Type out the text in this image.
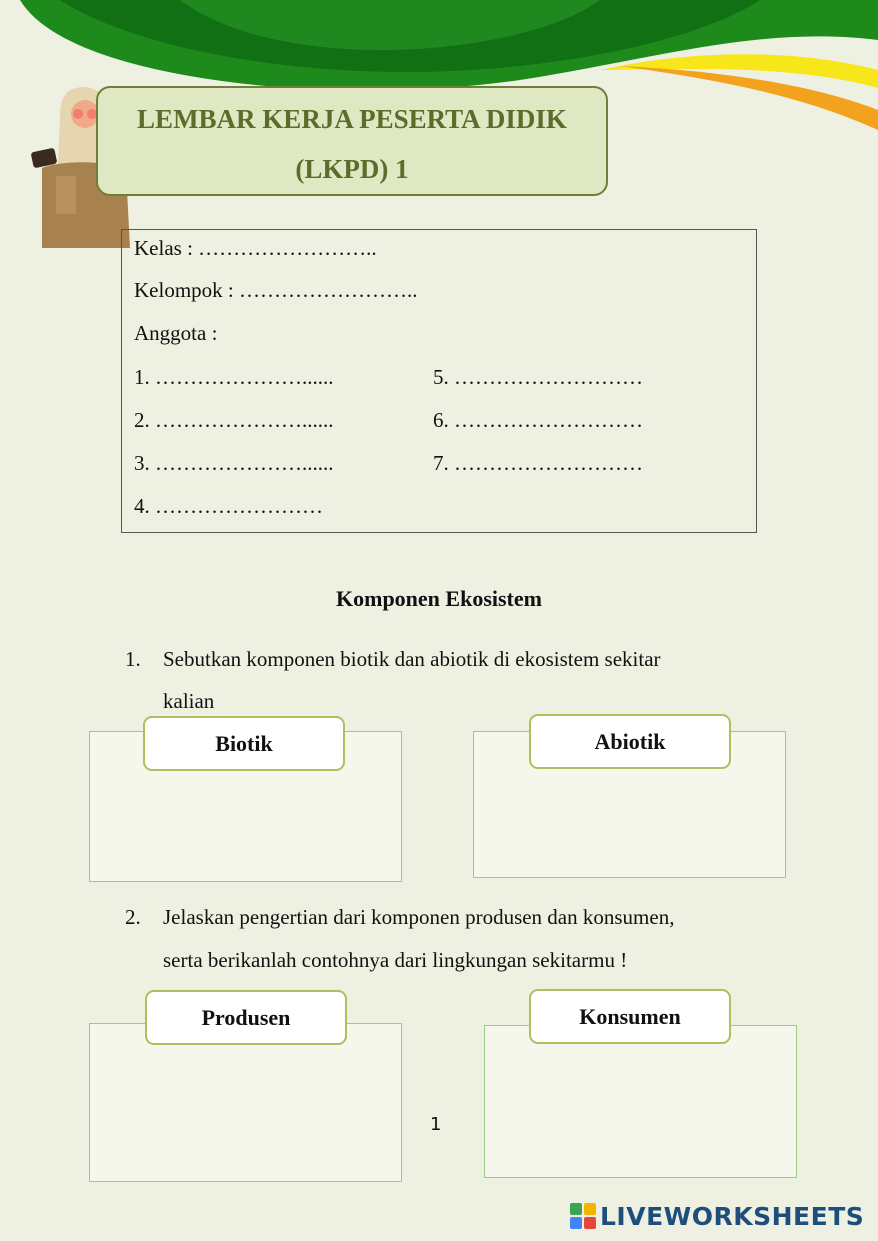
LEMBAR KERJA PESERTA DIDIK
(LKPD) 1
Kelas : ……………………..
Kelompok : ……………………..
Anggota :
1. …………………......
2. …………………......
3. …………………......
4. ……………………
5. ………………………
6. ………………………
7. ………………………
Komponen Ekosistem
1. Sebutkan komponen biotik dan abiotik di ekosistem sekitar
kalian
Biotik	Abiotik
2. Jelaskan pengertian dari komponen produsen dan konsumen,
serta berikanlah contohnya dari lingkungan sekitarmu !
Produsen	Konsumen
1
LIVEWORKSHEETS
